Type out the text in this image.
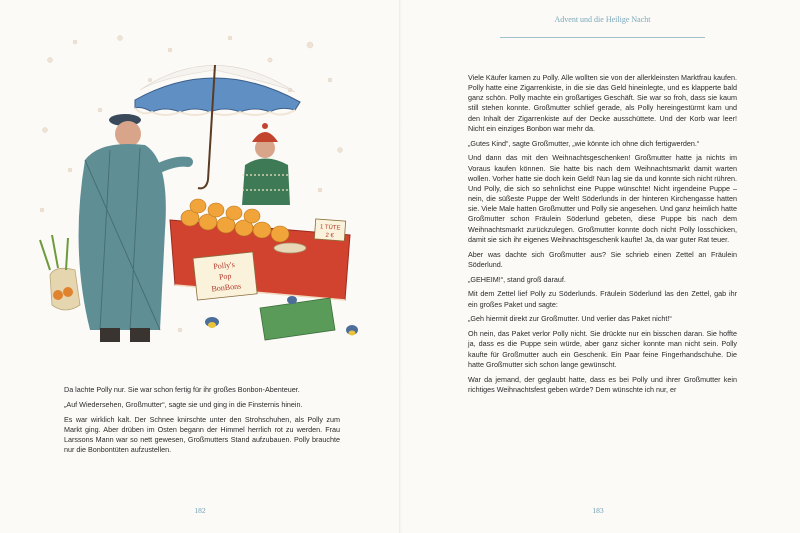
1 TÜTE
2 €
Polly's
Pop
BonBons

Da lachte Polly nur. Sie war schon fertig für ihr großes Bonbon-Abenteuer.

„Auf Wiedersehen, Großmutter“, sagte sie und ging in die Finsternis hinein.

Es war wirklich kalt. Der Schnee knirschte unter den Strohschuhen, als Polly zum Markt ging. Aber drüben im Osten begann der Himmel herrlich rot zu werden. Frau Larssons Mann war so nett gewesen, Großmutters Stand aufzubauen. Polly brauchte nur die Bonbontüten aufzustellen.

182
Advent und die Heilige Nacht

Viele Käufer kamen zu Polly. Alle wollten sie von der allerkleinsten Marktfrau kaufen. Polly hatte eine Zigarrenkiste, in die sie das Geld hineinlegte, und es klapperte bald ganz schön. Polly machte ein großartiges Geschäft. Sie war so froh, dass sie kaum still stehen konnte. Großmutter schlief gerade, als Polly hereingestürmt kam und den Inhalt der Zigarrenkiste auf der Decke ausschüttete. Und der Korb war leer! Nicht ein einziges Bonbon war mehr da.

„Gutes Kind“, sagte Großmutter, „wie könnte ich ohne dich fertigwerden.“

Und dann das mit den Weihnachtsgeschenken! Großmutter hatte ja nichts im Voraus kaufen können. Sie hatte bis nach dem Weihnachtsmarkt damit warten wollen. Vorher hatte sie doch kein Geld! Nun lag sie da und konnte sich nicht rühren. Und Polly, die sich so sehnlichst eine Puppe wünschte! Nicht irgendeine Puppe – nein, die süßeste Puppe der Welt! Söderlunds in der hinteren Kirchengasse hatten sie. Viele Male hatten Großmutter und Polly sie angesehen. Und ganz heimlich hatte Großmutter schon Fräulein Söderlund gebeten, diese Puppe bis nach dem Weihnachtsmarkt zurückzulegen. Großmutter konnte doch nicht Polly losschicken, damit sie sich ihr eigenes Weihnachtsgeschenk kaufte! Ja, da war guter Rat teuer.

Aber was dachte sich Großmutter aus? Sie schrieb einen Zettel an Fräulein Söderlund.

„GEHEIM!“, stand groß darauf.

Mit dem Zettel lief Polly zu Söderlunds. Fräulein Söderlund las den Zettel, gab ihr ein großes Paket und sagte:

„Geh hiermit direkt zur Großmutter. Und verlier das Paket nicht!“

Oh nein, das Paket verlor Polly nicht. Sie drückte nur ein bisschen daran. Sie hoffte ja, dass es die Puppe sein würde, aber ganz sicher konnte man nicht sein. Polly kaufte für Großmutter auch ein Geschenk. Ein Paar feine Fingerhandschuhe. Die hatte Großmutter sich schon lange gewünscht.

War da jemand, der geglaubt hatte, dass es bei Polly und ihrer Großmutter kein richtiges Weihnachtsfest geben würde? Dem wünschte ich nur, er

183
